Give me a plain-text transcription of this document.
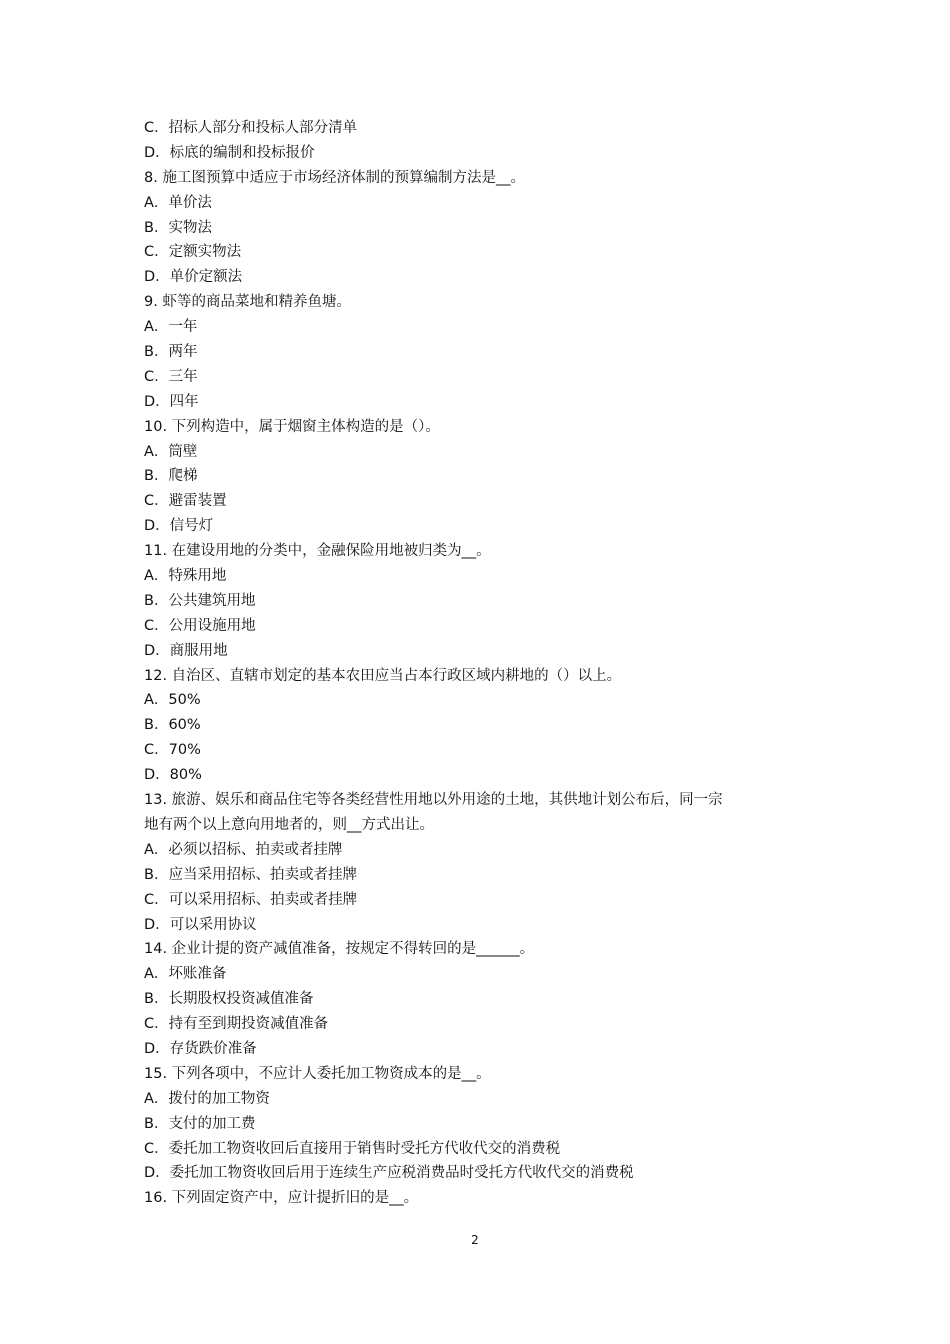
C．招标人部分和投标人部分清单
D．标底的编制和投标报价
8. 施工图预算中适应于市场经济体制的预算编制方法是__。
A．单价法
B．实物法
C．定额实物法
D．单价定额法
9. 虾等的商品菜地和精养鱼塘。
A．一年
B．两年
C．三年
D．四年
10. 下列构造中，属于烟窗主体构造的是（）。
A．筒壁
B．爬梯
C．避雷装置
D．信号灯
11. 在建设用地的分类中，金融保险用地被归类为__。
A．特殊用地
B．公共建筑用地
C．公用设施用地
D．商服用地
12. 自治区、直辖市划定的基本农田应当占本行政区域内耕地的（）以上。
A．50%
B．60%
C．70%
D．80%
13. 旅游、娱乐和商品住宅等各类经营性用地以外用途的土地，其供地计划公布后，同一宗
地有两个以上意向用地者的，则__方式出让。
A．必须以招标、拍卖或者挂牌
B．应当采用招标、拍卖或者挂牌
C．可以采用招标、拍卖或者挂牌
D．可以采用协议
14. 企业计提的资产减值准备，按规定不得转回的是______。
A．坏账准备
B．长期股权投资减值准备
C．持有至到期投资减值准备
D．存货跌价准备
15. 下列各项中，不应计人委托加工物资成本的是__。
A．拨付的加工物资
B．支付的加工费
C．委托加工物资收回后直接用于销售时受托方代收代交的消费税
D．委托加工物资收回后用于连续生产应税消费品时受托方代收代交的消费税
16. 下列固定资产中，应计提折旧的是__。
2
